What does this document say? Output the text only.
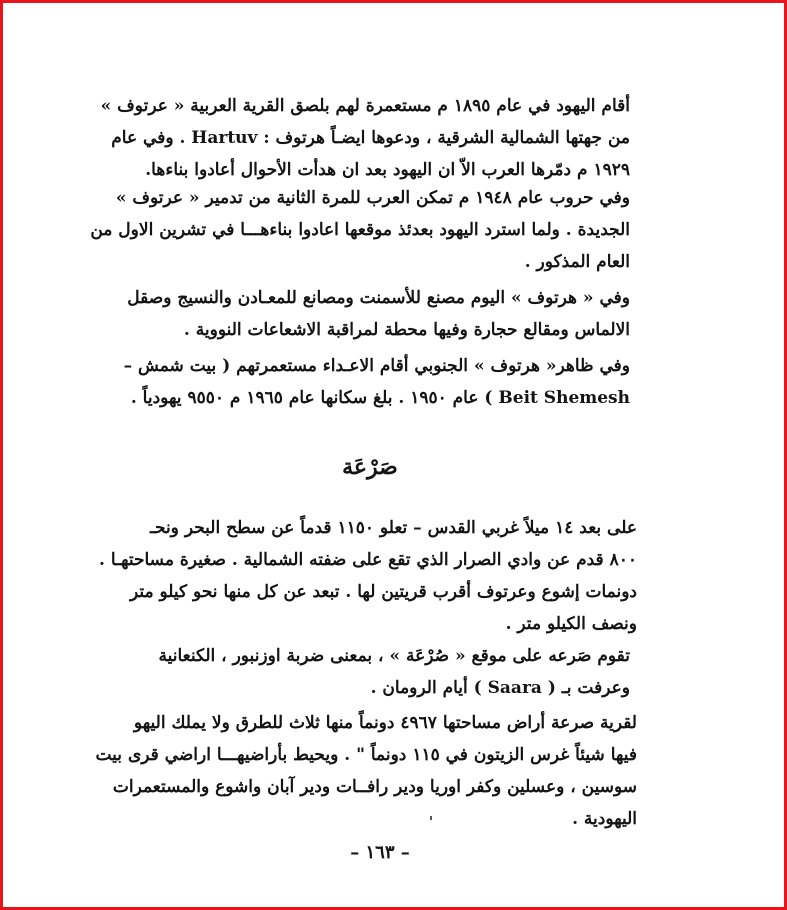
أقام اليهود في عام ١٨٩٥ م مستعمرة لهم بلصق القرية العربية « عرتوف »
من جهتها الشمالية الشرقية ، ودعوها ايضـاً هرتوف : Hartuv . وفي عام
١٩٢٩ م دمّرها العرب الاّ ان اليهود بعد ان هدأت الأحوال أعادوا بناءها.
وفي حروب عام ١٩٤٨ م تمكن العرب للمرة الثانية من تدمير « عرتوف »
الجديدة . ولما استرد اليهود بعدئذ موقعها اعادوا بناءهـــا في تشرين الاول من
العام المذكور .
وفي « هرتوف » اليوم مصنع للأسمنت ومصانع للمعـادن والنسيج وصقل
الالماس ومقالع حجارة وفيها محطة لمراقبة الاشعاعات النووية .
وفي ظاهر« هرتوف » الجنوبي أقام الاعـداء مستعمرتهم ( بيت شمش –
Beit Shemesh ) عام ١٩٥٠ . بلغ سكانها عام ١٩٦٥ م ٩٥٥٠ يهودياً .
صَرْعَة
على بعد ١٤ ميلاً غربي القدس – تعلو ١١٥٠ قدماً عن سطح البحر ونحـ
٨٠٠ قدم عن وادي الصرار الذي تقع على ضفته الشمالية . صغيرة مساحتهـا .
دونمات إشوع وعرتوف أقرب قريتين لها . تبعد عن كل منها نحو كيلو متر
ونصف الكيلو متر .
تقوم صَرعه على موقع « صُرْعَة » ، بمعنى ضربة اوزنبور ، الكنعانية
وعرفت بـ ( Saara ) أيام الرومان .
لقرية صرعة أراض مساحتها ٤٩٦٧ دونماً منها ثلاث للطرق ولا يملك اليهو
فيها شيئاً غرس الزيتون في ١١٥ دونماً " . ويحيط بأراضيهـــا اراضي قرى بيت
سوسين ، وعسلين وكفر اوريا ودير رافــات ودير آبان واشوع والمستعمرات
اليهودية .
– ١٦٣ –
